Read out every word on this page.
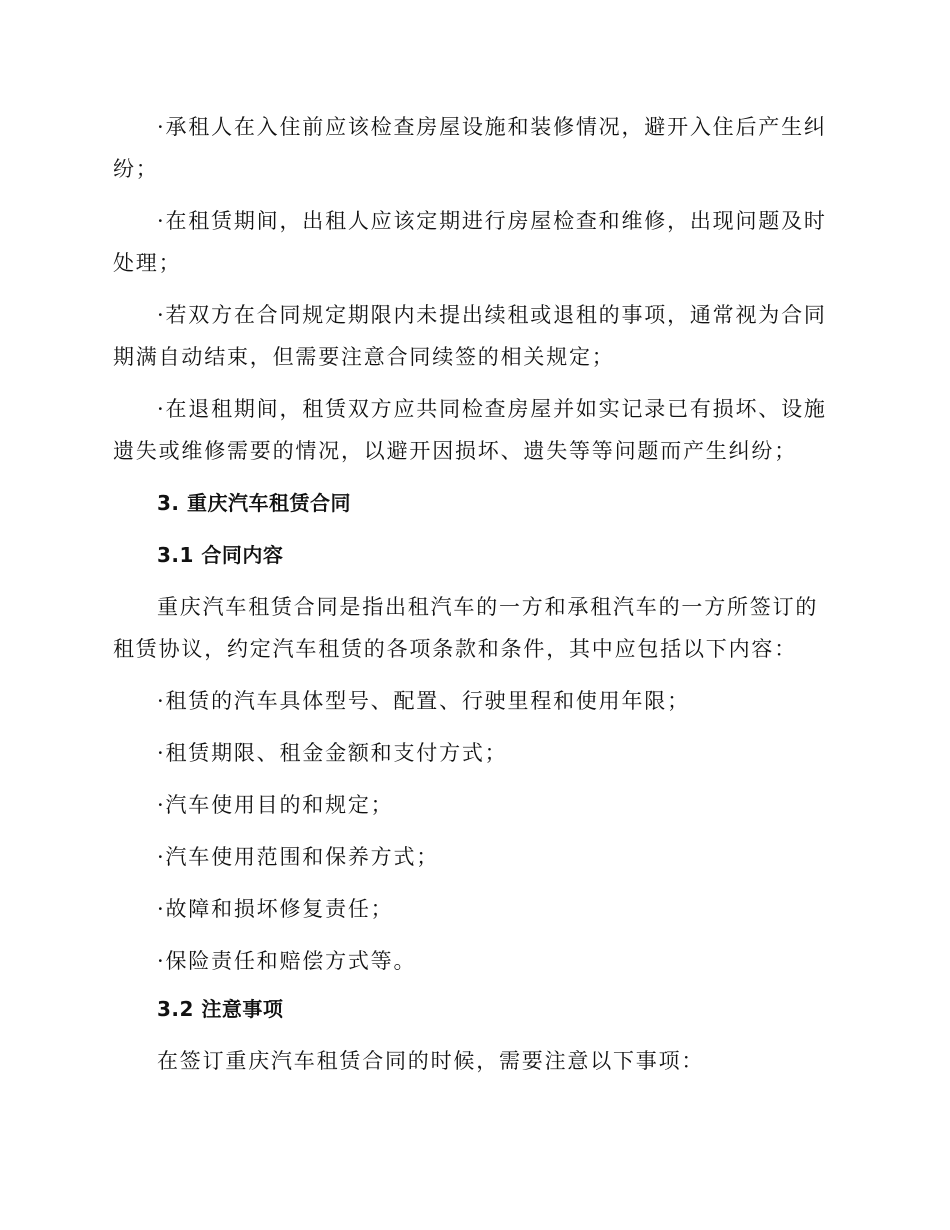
·承租人在入住前应该检查房屋设施和装修情况，避开入住后产生纠纷；

·在租赁期间，出租人应该定期进行房屋检查和维修，出现问题及时处理；

·若双方在合同规定期限内未提出续租或退租的事项，通常视为合同期满自动结束，但需要注意合同续签的相关规定；

·在退租期间，租赁双方应共同检查房屋并如实记录已有损坏、设施遗失或维修需要的情况，以避开因损坏、遗失等等问题而产生纠纷；

3. 重庆汽车租赁合同
3.1 合同内容

重庆汽车租赁合同是指出租汽车的一方和承租汽车的一方所签订的租赁协议，约定汽车租赁的各项条款和条件，其中应包括以下内容：

·租赁的汽车具体型号、配置、行驶里程和使用年限；

·租赁期限、租金金额和支付方式；

·汽车使用目的和规定；

·汽车使用范围和保养方式；

·故障和损坏修复责任；

·保险责任和赔偿方式等。

3.2 注意事项

在签订重庆汽车租赁合同的时候，需要注意以下事项：
